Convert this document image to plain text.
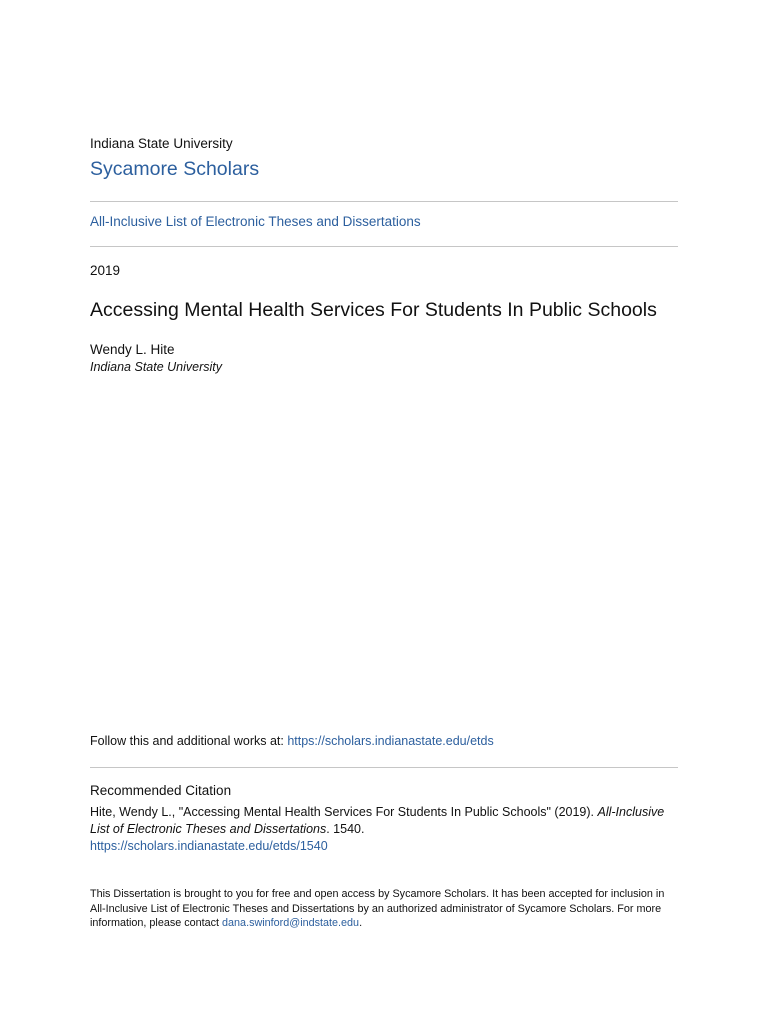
Indiana State University
Sycamore Scholars
All-Inclusive List of Electronic Theses and Dissertations
2019
Accessing Mental Health Services For Students In Public Schools
Wendy L. Hite
Indiana State University
Follow this and additional works at: https://scholars.indianastate.edu/etds
Recommended Citation
Hite, Wendy L., "Accessing Mental Health Services For Students In Public Schools" (2019). All-Inclusive List of Electronic Theses and Dissertations. 1540.
https://scholars.indianastate.edu/etds/1540
This Dissertation is brought to you for free and open access by Sycamore Scholars. It has been accepted for inclusion in All-Inclusive List of Electronic Theses and Dissertations by an authorized administrator of Sycamore Scholars. For more information, please contact dana.swinford@indstate.edu.
